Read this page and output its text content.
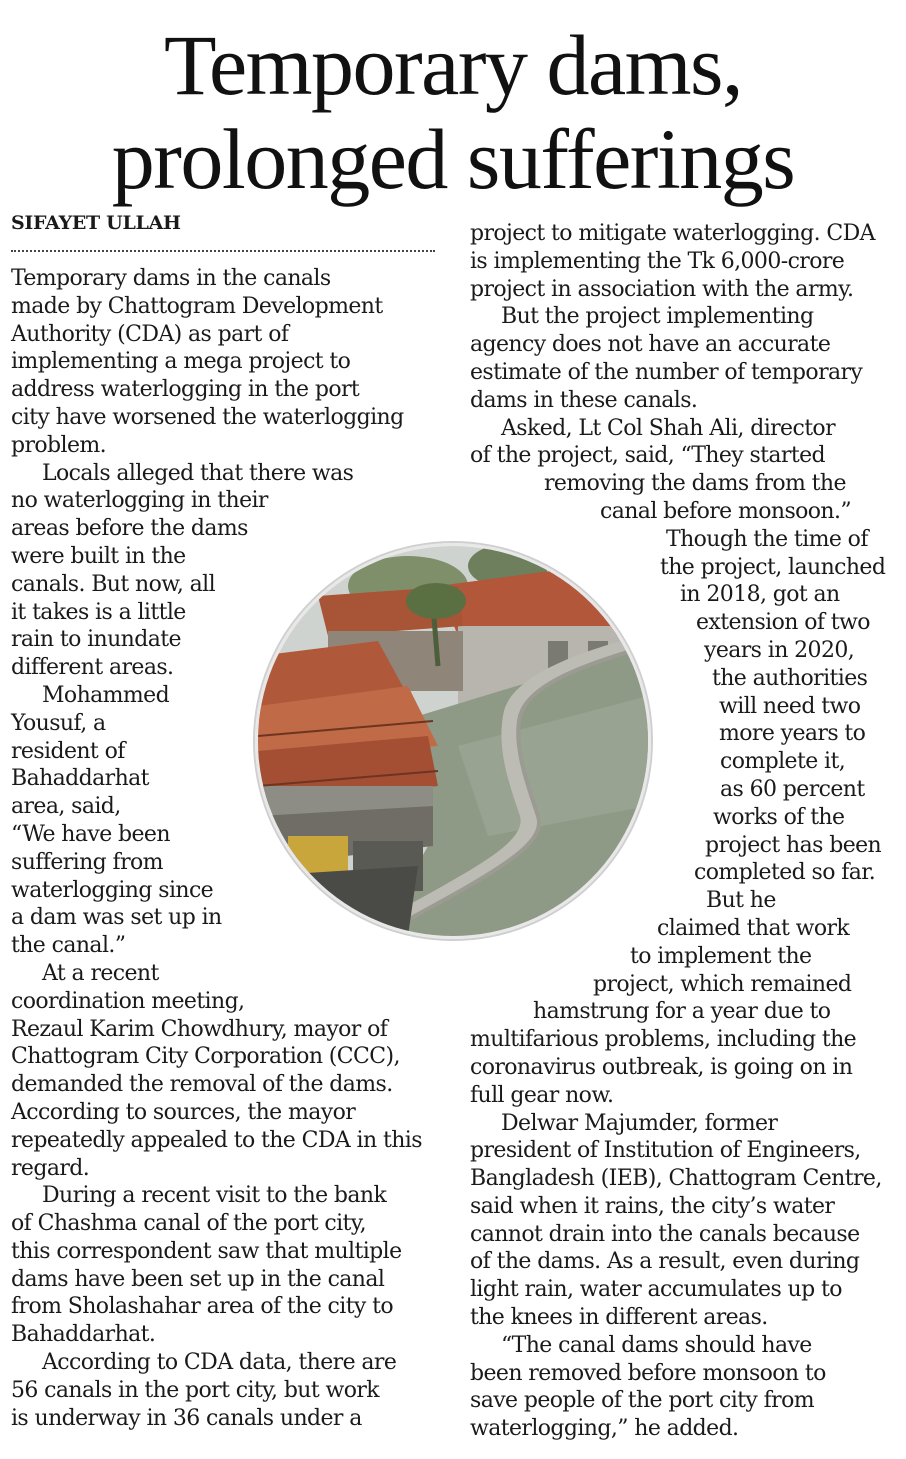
Temporary dams,
prolonged sufferings
SIFAYET ULLAH

Temporary dams in the canals

made by Chattogram Development

Authority (CDA) as part of

implementing a mega project to

address waterlogging in the port

city have worsened the waterlogging

problem.

Locals alleged that there was

no waterlogging in their

areas before the dams

were built in the

canals. But now, all

it takes is a little

rain to inundate

different areas.

Mohammed

Yousuf, a

resident of

Bahaddarhat

area, said,

“We have been

suffering from

waterlogging since

a dam was set up in

the canal.”

At a recent

coordination meeting,

Rezaul Karim Chowdhury, mayor of

Chattogram City Corporation (CCC),

demanded the removal of the dams.

According to sources, the mayor

repeatedly appealed to the CDA in this

regard.

During a recent visit to the bank

of Chashma canal of the port city,

this correspondent saw that multiple

dams have been set up in the canal

from Sholashahar area of the city to

Bahaddarhat.

According to CDA data, there are

56 canals in the port city, but work

is underway in 36 canals under a

project to mitigate waterlogging. CDA

is implementing the Tk 6,000-crore

project in association with the army.

But the project implementing

agency does not have an accurate

estimate of the number of temporary

dams in these canals.

Asked, Lt Col Shah Ali, director

of the project, said, “They started

removing the dams from the

canal before monsoon.”

Though the time of

the project, launched

in 2018, got an

extension of two

years in 2020,

the authorities

will need two

more years to

complete it,

as 60 percent

works of the

project has been

completed so far.

But he

claimed that work

to implement the

project, which remained

hamstrung for a year due to

multifarious problems, including the

coronavirus outbreak, is going on in

full gear now.

Delwar Majumder, former

president of Institution of Engineers,

Bangladesh (IEB), Chattogram Centre,

said when it rains, the city’s water

cannot drain into the canals because

of the dams. As a result, even during

light rain, water accumulates up to

the knees in different areas.

“The canal dams should have

been removed before monsoon to

save people of the port city from

waterlogging,” he added.
